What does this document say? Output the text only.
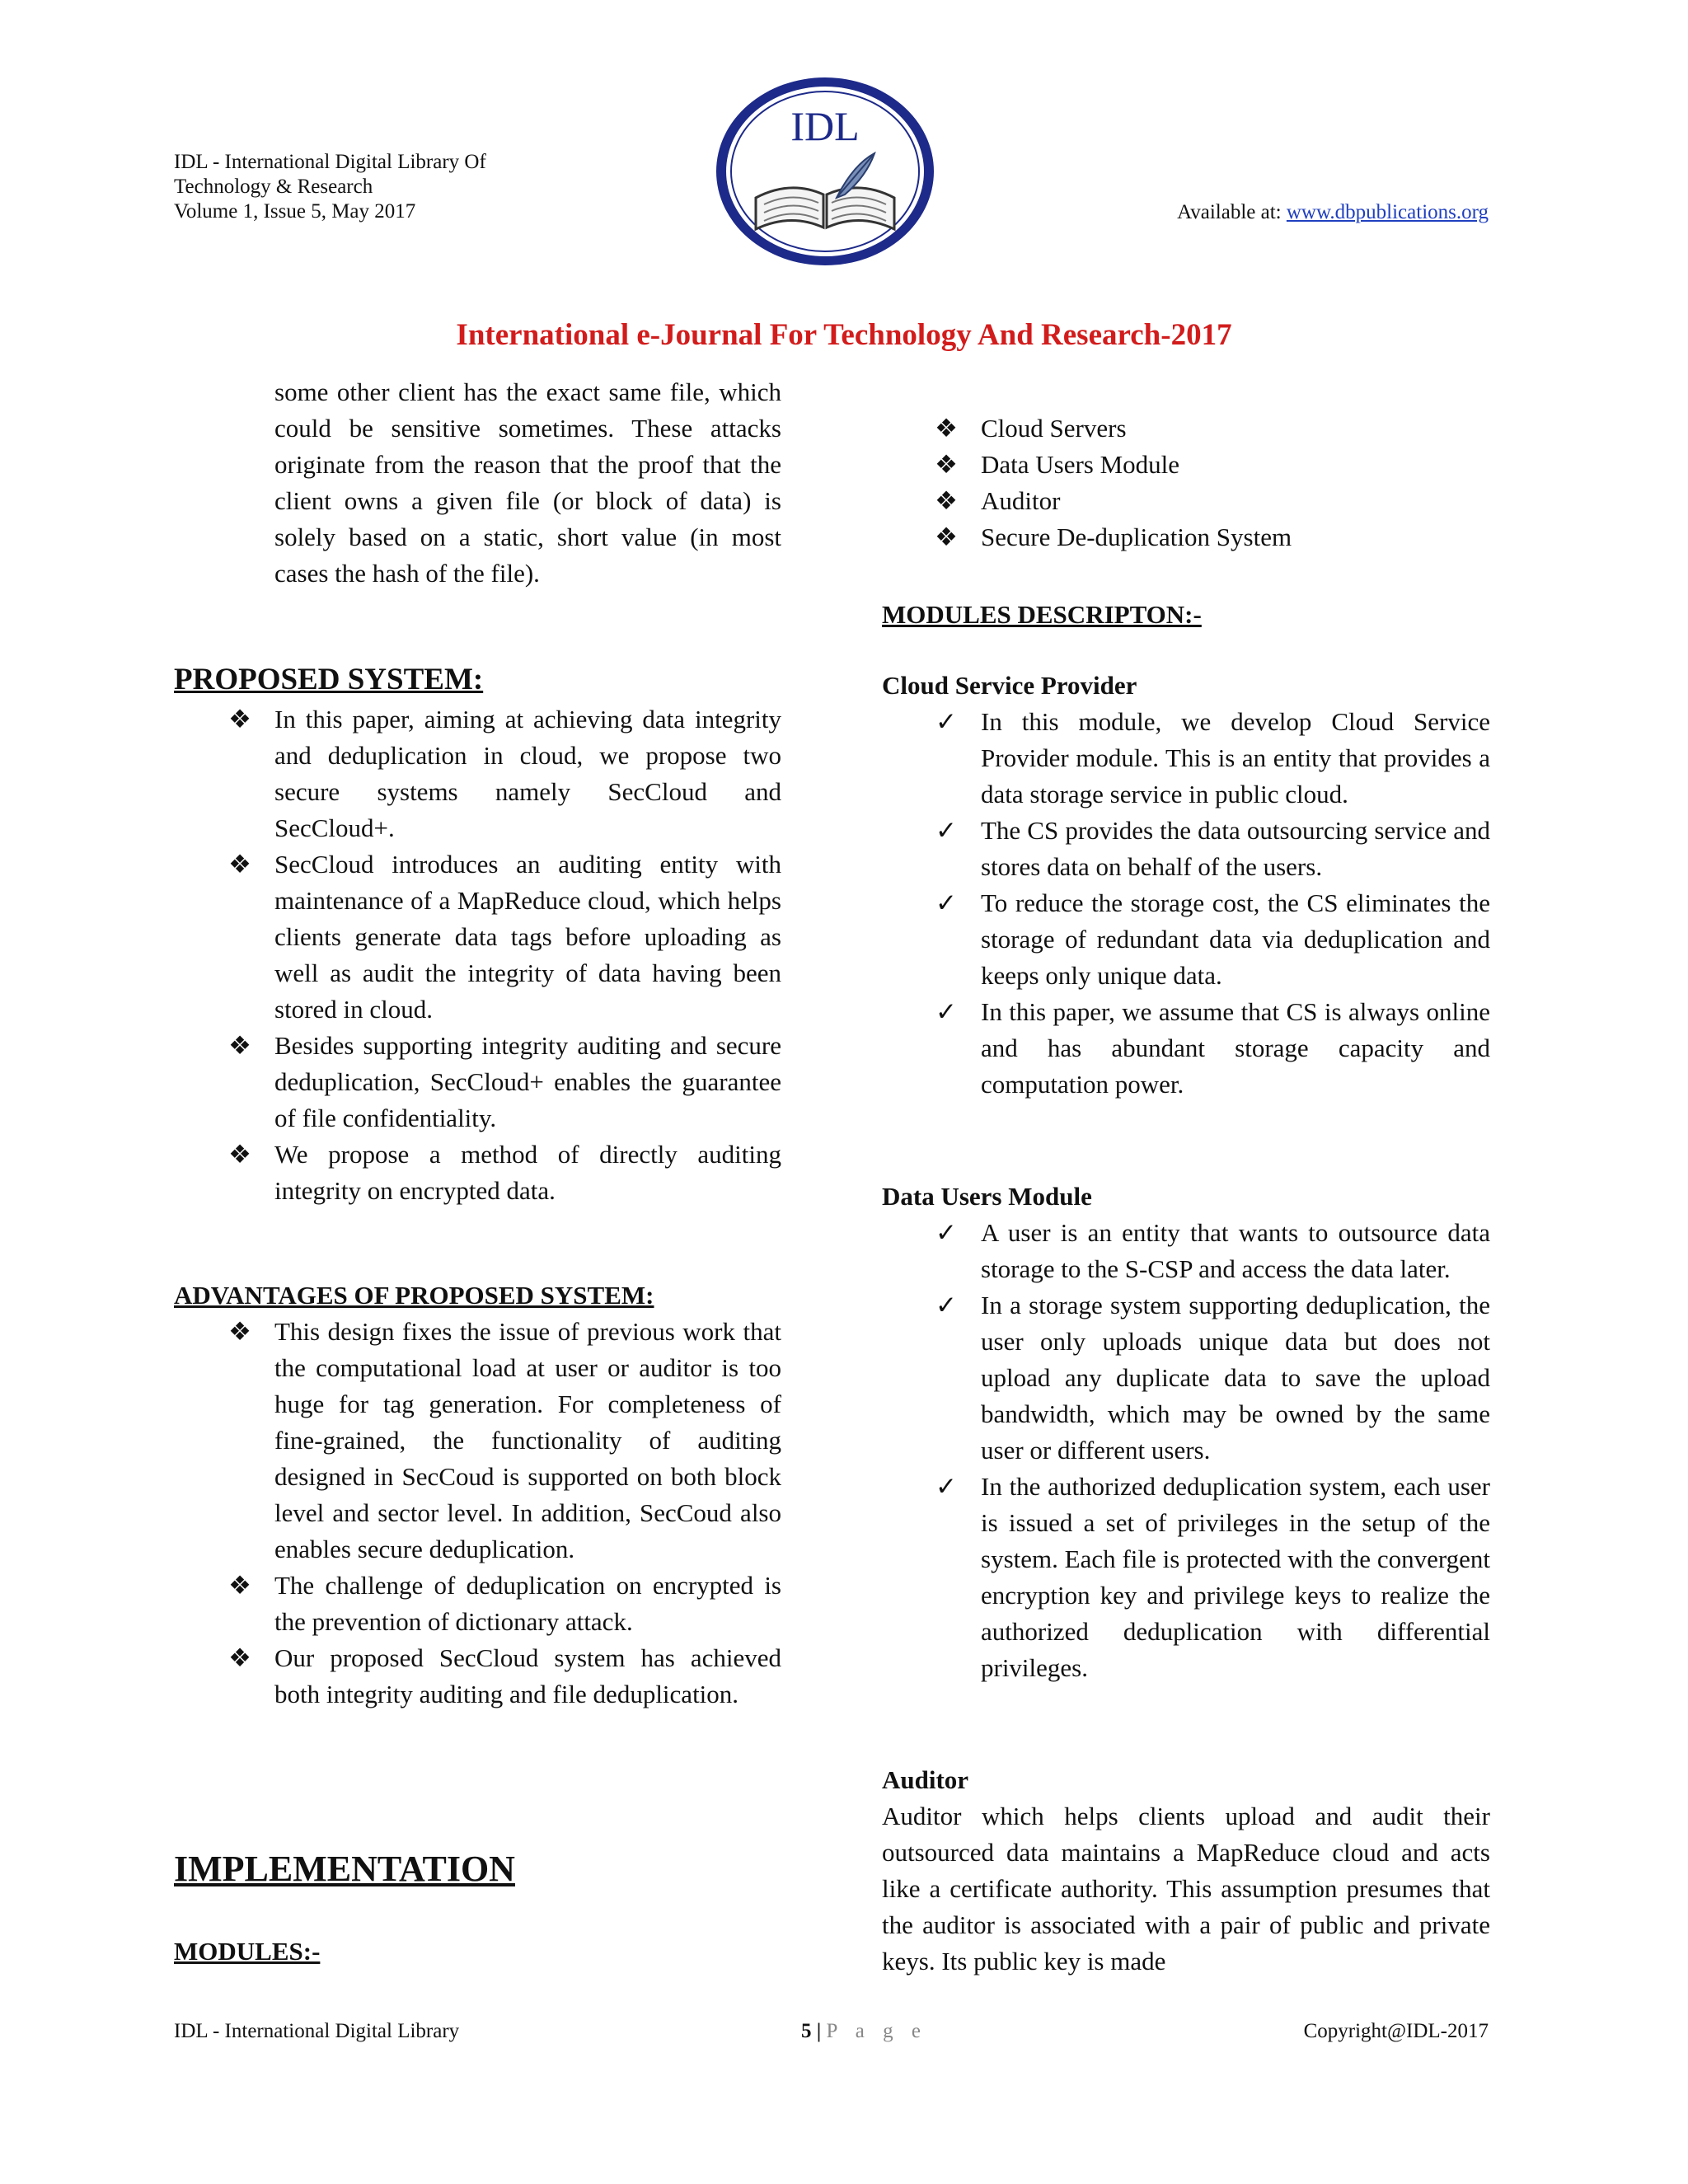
IDL - International Digital Library Of
Technology & Research
Volume 1, Issue 5, May 2017
IDL
Available at: www.dbpublications.org
International e-Journal For Technology And Research-2017
some other client has the exact same file, which could be sensitive sometimes. These attacks originate from the reason that the proof that the client owns a given file (or block of data) is solely based on a static, short value (in most cases the hash of the file).
PROPOSED SYSTEM:
❖ In this paper, aiming at achieving data integrity and deduplication in cloud, we propose two secure systems namely SecCloud and SecCloud+.
❖ SecCloud introduces an auditing entity with maintenance of a MapReduce cloud, which helps clients generate data tags before uploading as well as audit the integrity of data having been stored in cloud.
❖ Besides supporting integrity auditing and secure deduplication, SecCloud+ enables the guarantee of file confidentiality.
❖ We propose a method of directly auditing integrity on encrypted data.
ADVANTAGES OF PROPOSED SYSTEM:
❖ This design fixes the issue of previous work that the computational load at user or auditor is too huge for tag generation. For completeness of fine-grained, the functionality of auditing designed in SecCoud is supported on both block level and sector level. In addition, SecCoud also enables secure deduplication.
❖ The challenge of deduplication on encrypted is the prevention of dictionary attack.
❖ Our proposed SecCloud system has achieved both integrity auditing and file deduplication.
IMPLEMENTATION
MODULES:-
❖ Cloud Servers
❖ Data Users Module
❖ Auditor
❖ Secure De-duplication System
MODULES DESCRIPTON:-
Cloud Service Provider
✓ In this module, we develop Cloud Service Provider module. This is an entity that provides a data storage service in public cloud.
✓ The CS provides the data outsourcing service and stores data on behalf of the users.
✓ To reduce the storage cost, the CS eliminates the storage of redundant data via deduplication and keeps only unique data.
✓ In this paper, we assume that CS is always online and has abundant storage capacity and computation power.
Data Users Module
✓ A user is an entity that wants to outsource data storage to the S-CSP and access the data later.
✓ In a storage system supporting deduplication, the user only uploads unique data but does not upload any duplicate data to save the upload bandwidth, which may be owned by the same user or different users.
✓ In the authorized deduplication system, each user is issued a set of privileges in the setup of the system. Each file is protected with the convergent encryption key and privilege keys to realize the authorized deduplication with differential privileges.
Auditor
Auditor which helps clients upload and audit their outsourced data maintains a MapReduce cloud and acts like a certificate authority. This assumption presumes that the auditor is associated with a pair of public and private keys. Its public key is made
IDL - International Digital Library	5 | P a g e	Copyright@IDL-2017
